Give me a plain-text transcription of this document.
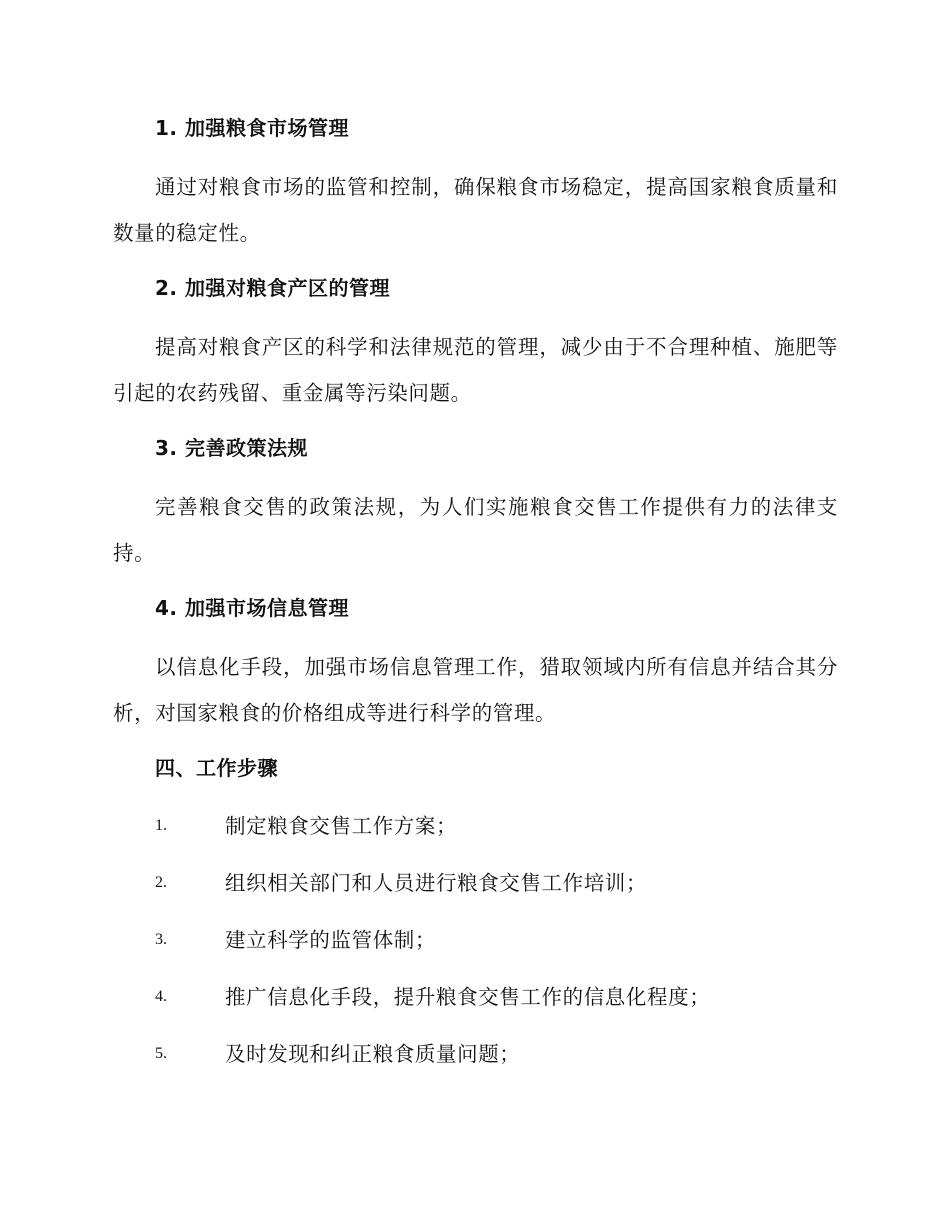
1. 加强粮食市场管理
通过对粮食市场的监管和控制，确保粮食市场稳定，提高国家粮食质量和数量的稳定性。
2. 加强对粮食产区的管理
提高对粮食产区的科学和法律规范的管理，减少由于不合理种植、施肥等引起的农药残留、重金属等污染问题。
3. 完善政策法规
完善粮食交售的政策法规，为人们实施粮食交售工作提供有力的法律支持。
4. 加强市场信息管理
以信息化手段，加强市场信息管理工作，猎取领域内所有信息并结合其分析，对国家粮食的价格组成等进行科学的管理。
四、工作步骤
1.	制定粮食交售工作方案；
2.	组织相关部门和人员进行粮食交售工作培训；
3.	建立科学的监管体制；
4.	推广信息化手段，提升粮食交售工作的信息化程度；
5.	及时发现和纠正粮食质量问题；
